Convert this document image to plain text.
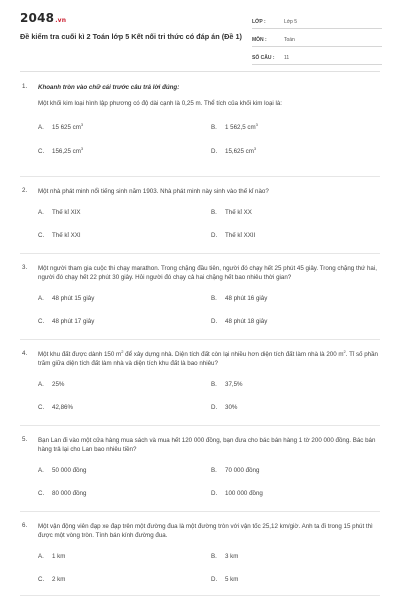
2048.vn
Đề kiểm tra cuối kì 2 Toán lớp 5 Kết nối tri thức có đáp án (Đề 1)
LỚP :	Lớp 5
MÔN :	Toán
SỐ CÂU :	11
1. Khoanh tròn vào chữ cái trước câu trả lời đúng:
Một khối kim loại hình lập phương có độ dài cạnh là 0,25 m. Thể tích của khối kim loại là:
A. 15 625 $cm^3$	B. 1 562,5 $cm^3$
C. 156,25 $cm^3$	D. 15,625 $cm^3$
2. Một nhà phát minh nổi tiếng sinh năm 1903. Nhà phát minh này sinh vào thế kỉ nào?
A. Thế kỉ XIX	B. Thế kỉ XX
C. Thế kỉ XXI	D. Thế kỉ XXII
3. Một người tham gia cuộc thi chạy marathon. Trong chặng đầu tiên, người đó chạy hết 25 phút 45 giây. Trong chặng thứ hai, người đó chạy hết 22 phút 30 giây. Hỏi người đó chạy cả hai chặng hết bao nhiêu thời gian?
A. 48 phút 15 giây	B. 48 phút 16 giây
C. 48 phút 17 giây	D. 48 phút 18 giây
4. Một khu đất được dành 150 $m^2$ để xây dựng nhà. Diện tích đất còn lại nhiều hơn diện tích đất làm nhà là 200 $m^2$. Tỉ số phần trăm giữa diện tích đất làm nhà và diện tích khu đất là bao nhiêu?
A. 25%	B. 37,5%
C. 42,86%	D. 30%
5. Bạn Lan đi vào một cửa hàng mua sách và mua hết 120 000 đồng, bạn đưa cho bác bán hàng 1 tờ 200 000 đồng. Bác bán hàng trả lại cho Lan bao nhiêu tiền?
A. 50 000 đồng	B. 70 000 đồng
C. 80 000 đồng	D. 100 000 đồng
6. Một vận động viên đạp xe đạp trên một đường đua là một đường tròn với vận tốc 25,12 km/giờ. Anh ta đi trong 15 phút thì được một vòng tròn. Tính bán kính đường đua.
A. 1 km	B. 3 km
C. 2 km	D. 5 km
